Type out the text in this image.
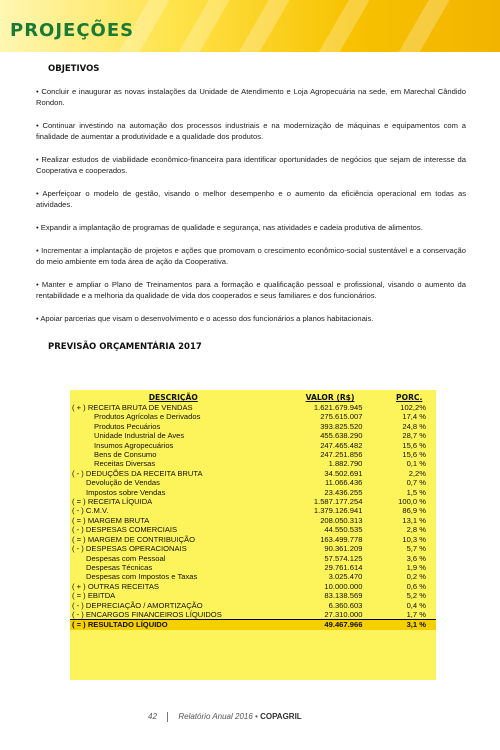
PROJEÇÕES

OBJETIVOS

• Concluir e inaugurar as novas instalações da Unidade de Atendimento e Loja Agropecuária na sede, em Marechal Cândido Rondon.

• Continuar investindo na automação dos processos industriais e na modernização de máquinas e equipamentos com a finalidade de aumentar a produtividade e a qualidade dos produtos.

• Realizar estudos de viabilidade econômico-financeira para identificar oportunidades de negócios que sejam de interesse da Cooperativa e cooperados.

• Aperfeiçoar o modelo de gestão, visando o melhor desempenho e o aumento da eficiência operacional em todas as atividades.

• Expandir a implantação de programas de qualidade e segurança, nas atividades e cadeia produtiva de alimentos.

• Incrementar a implantação de projetos e ações que promovam o crescimento econômico-social sustentável e a conservação do meio ambiente em toda área de ação da Cooperativa.

• Manter e ampliar o Plano de Treinamentos para a formação e qualificação pessoal e profissional, visando o aumento da rentabilidade e a melhoria da qualidade de vida dos cooperados e seus familiares e dos funcionários.

• Apoiar parcerias que visam o desenvolvimento e o acesso dos funcionários a planos habitacionais.

PREVISÃO ORÇAMENTÁRIA 2017

DESCRIÇÃO	VALOR (R$)	PORC.
( + ) RECEITA BRUTA DE VENDAS	1.621.679.945	102,2%
Produtos Agrícolas e Derivados	275.615.007	17,4 %
Produtos Pecuários	393.825.520	24,8 %
Unidade Industrial de Aves	455.638.290	28,7 %
Insumos Agropecuários	247.465.482	15,6 %
Bens de Consumo	247.251.856	15,6 %
Receitas Diversas	1.882.790	0,1 %
( - ) DEDUÇÕES DA RECEITA BRUTA	34.502.691	2,2%
Devolução de Vendas	11.066.436	0,7 %
Impostos sobre Vendas	23.436.255	1,5 %
( = ) RECEITA LÍQUIDA	1.587.177.254	100,0 %
( - ) C.M.V.	1.379.126.941	86,9 %
( = ) MARGEM BRUTA	208.050.313	13,1 %
( - ) DESPESAS COMERCIAIS	44.550.535	2,8 %
( = ) MARGEM DE CONTRIBUIÇÃO	163.499.778	10,3 %
( - ) DESPESAS OPERACIONAIS	90.361.209	5,7 %
Despesas com Pessoal	57.574.125	3,6 %
Despesas Técnicas	29.761.614	1,9 %
Despesas com Impostos e Taxas	3.025.470	0,2 %
( + ) OUTRAS RECEITAS	10.000.000	0,6 %
( = ) EBITDA	83.138.569	5,2 %
( - ) DEPRECIAÇÃO / AMORTIZAÇÃO	6.360.603	0,4 %
( - ) ENCARGOS FINANCEIROS LÍQUIDOS	27.310.000	1,7 %
( = ) RESULTADO LÍQUIDO	49.467.966	3,1 %
42	Relatório Anual 2016 • COPAGRIL
